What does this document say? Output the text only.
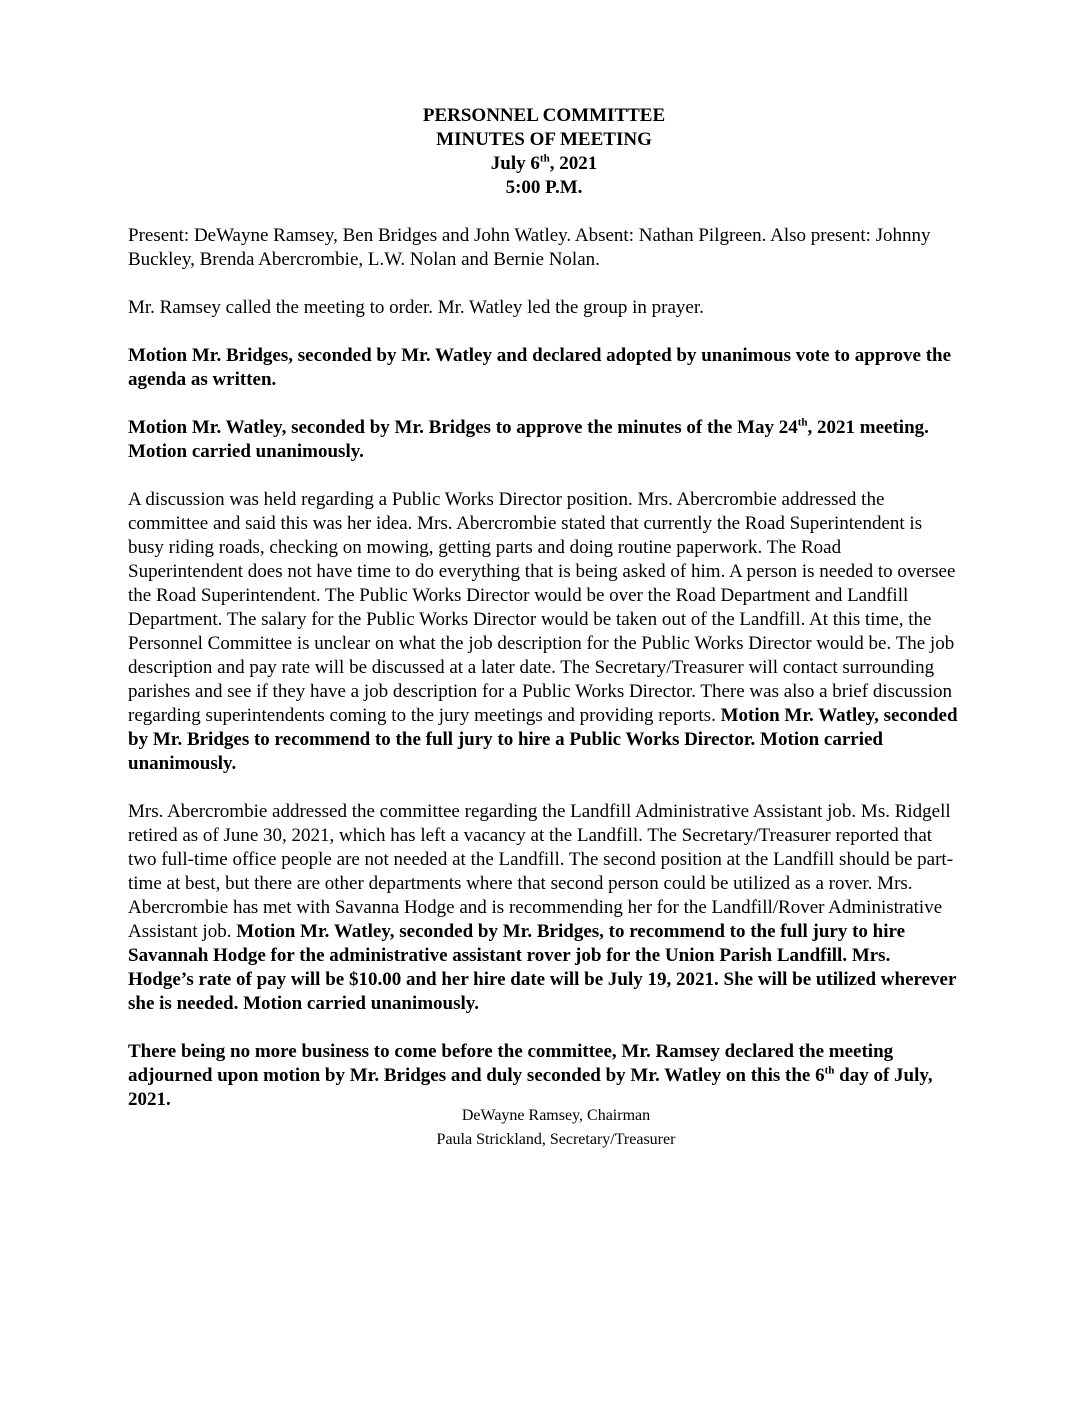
PERSONNEL COMMITTEE
MINUTES OF MEETING
July 6th, 2021
5:00 P.M.

Present: DeWayne Ramsey, Ben Bridges and John Watley. Absent: Nathan Pilgreen. Also present: Johnny Buckley, Brenda Abercrombie, L.W. Nolan and Bernie Nolan.

Mr. Ramsey called the meeting to order. Mr. Watley led the group in prayer.

Motion Mr. Bridges, seconded by Mr. Watley and declared adopted by unanimous vote to approve the agenda as written.

Motion Mr. Watley, seconded by Mr. Bridges to approve the minutes of the May 24th, 2021 meeting. Motion carried unanimously.

A discussion was held regarding a Public Works Director position. Mrs. Abercrombie addressed the committee and said this was her idea. Mrs. Abercrombie stated that currently the Road Superintendent is busy riding roads, checking on mowing, getting parts and doing routine paperwork. The Road Superintendent does not have time to do everything that is being asked of him. A person is needed to oversee the Road Superintendent. The Public Works Director would be over the Road Department and Landfill Department. The salary for the Public Works Director would be taken out of the Landfill. At this time, the Personnel Committee is unclear on what the job description for the Public Works Director would be. The job description and pay rate will be discussed at a later date. The Secretary/Treasurer will contact surrounding parishes and see if they have a job description for a Public Works Director. There was also a brief discussion regarding superintendents coming to the jury meetings and providing reports. Motion Mr. Watley, seconded by Mr. Bridges to recommend to the full jury to hire a Public Works Director. Motion carried unanimously.

Mrs. Abercrombie addressed the committee regarding the Landfill Administrative Assistant job. Ms. Ridgell retired as of June 30, 2021, which has left a vacancy at the Landfill. The Secretary/Treasurer reported that two full-time office people are not needed at the Landfill. The second position at the Landfill should be part-time at best, but there are other departments where that second person could be utilized as a rover. Mrs. Abercrombie has met with Savanna Hodge and is recommending her for the Landfill/Rover Administrative Assistant job. Motion Mr. Watley, seconded by Mr. Bridges, to recommend to the full jury to hire Savannah Hodge for the administrative assistant rover job for the Union Parish Landfill. Mrs. Hodge’s rate of pay will be $10.00 and her hire date will be July 19, 2021. She will be utilized wherever she is needed. Motion carried unanimously.

There being no more business to come before the committee, Mr. Ramsey declared the meeting adjourned upon motion by Mr. Bridges and duly seconded by Mr. Watley on this the 6th day of July, 2021.

DeWayne Ramsey, Chairman
Paula Strickland, Secretary/Treasurer
